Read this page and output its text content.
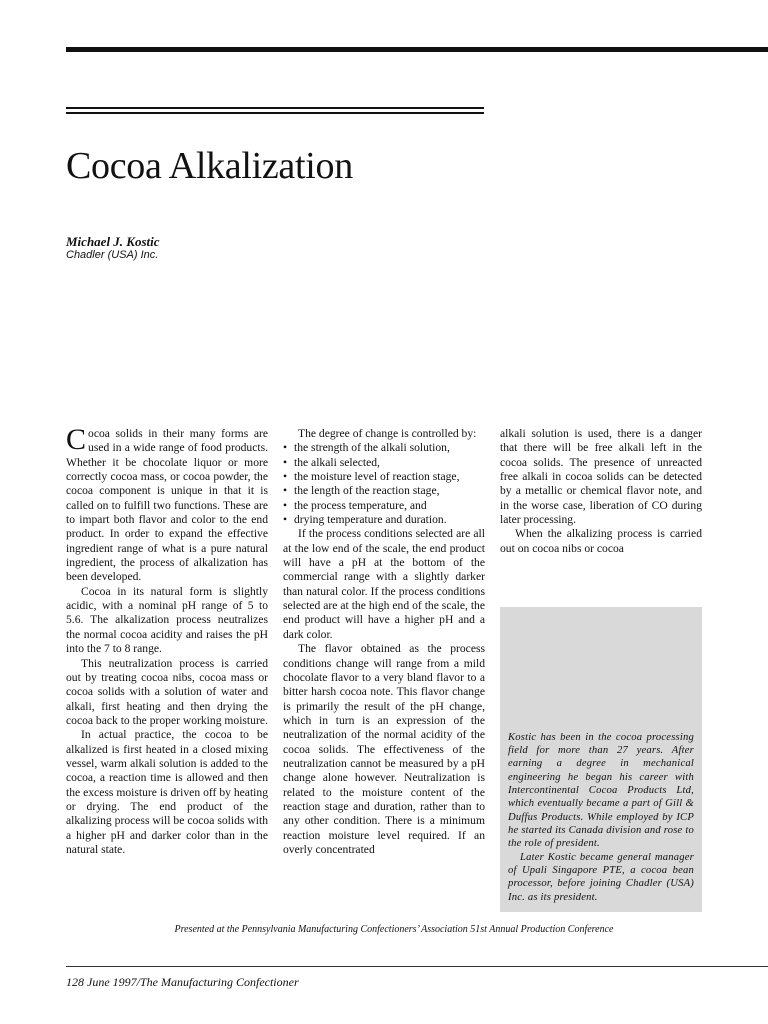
Cocoa Alkalization

Michael J. Kostic

Chadler (USA) Inc.

Cocoa solids in their many forms are used in a wide range of food products. Whether it be chocolate liquor or more correctly cocoa mass, or cocoa powder, the cocoa component is unique in that it is called on to fulfill two functions. These are to impart both flavor and color to the end product. In order to expand the effective ingredient range of what is a pure natural ingredient, the process of alkalization has been developed.

Cocoa in its natural form is slightly acidic, with a nominal pH range of 5 to 5.6. The alkalization process neutralizes the normal cocoa acidity and raises the pH into the 7 to 8 range.

This neutralization process is carried out by treating cocoa nibs, cocoa mass or cocoa solids with a solution of water and alkali, first heating and then drying the cocoa back to the proper working moisture.

In actual practice, the cocoa to be alkalized is first heated in a closed mixing vessel, warm alkali solution is added to the cocoa, a reaction time is allowed and then the excess moisture is driven off by heating or drying. The end product of the alkalizing process will be cocoa solids with a higher pH and darker color than in the natural state.

The degree of change is controlled by:

• the strength of the alkali solution,
• the alkali selected,
• the moisture level of reaction stage,
• the length of the reaction stage,
• the process temperature, and
• drying temperature and duration.

If the process conditions selected are all at the low end of the scale, the end product will have a pH at the bottom of the commercial range with a slightly darker than natural color. If the process conditions selected are at the high end of the scale, the end product will have a higher pH and a dark color.

The flavor obtained as the process conditions change will range from a mild chocolate flavor to a very bland flavor to a bitter harsh cocoa note. This flavor change is primarily the result of the pH change, which in turn is an expression of the neutralization of the normal acidity of the cocoa solids. The effectiveness of the neutralization cannot be measured by a pH change alone however. Neutralization is related to the moisture content of the reaction stage and duration, rather than to any other condition. There is a minimum reaction moisture level required. If an overly concentrated

alkali solution is used, there is a danger that there will be free alkali left in the cocoa solids. The presence of unreacted free alkali in cocoa solids can be detected by a metallic or chemical flavor note, and in the worse case, liberation of CO during later processing.

When the alkalizing process is carried out on cocoa nibs or cocoa

Kostic has been in the cocoa processing field for more than 27 years. After earning a degree in mechanical engineering he began his career with Intercontinental Cocoa Products Ltd, which eventually became a part of Gill & Duffus Products. While employed by ICP he started its Canada division and rose to the role of president.

Later Kostic became general manager of Upali Singapore PTE, a cocoa bean processor, before joining Chadler (USA) Inc. as its president.

Presented at the Pennsylvania Manufacturing Confectioners’ Association 51st Annual Production Conference

128 June 1997/The Manufacturing Confectioner
